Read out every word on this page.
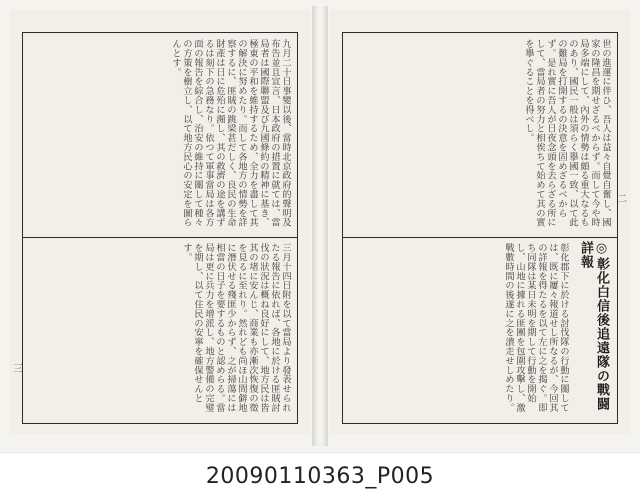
九月二十日事變以後、當時北京政府的聲明及布告並且宣言、日本政府の措置に就ては、當局者は國際聯盟及び九國條約の精神に基き、極東の平和を維持するため、全力を盡して其の解決に努めたり。而して各地方の情勢を詳察するに、匪賊の跳梁甚だしく、良民の生命財產は日に危殆に瀕し、其の救濟の途を講ずるは刻下の急務なり。依つて軍事當局は各方面の報告を綜合し、治安の維持に關して種々の方策を樹立し、以て地方民心の安定を圖らんとす。
三月十四日附を以て當局より發表せられたる報告に依れば、各地に於ける匪賊討伐の狀況は概ね良好にして、地方民は皆其の堵に安んじ、商業も亦漸次恢復の徵を見るに至れり。然れども尚ほ山間僻地に潛伏せる殘匪少からず、之が掃蕩には相當の日子を要するものと認めらる。當局は更に兵力を增派し、地方警備の完璧を期し、以て住民の安寧を確保せんとす。
三
世の進運に伴ひ、吾人は益々自覺自奮し、國家の隆昌を期せざるべからず。而して今や時局多端にして、內外の情勢は頗る重大なるものあり、國民一般は須らく擧國一致、以て此の難局を打開するの決意を固めざるべからず。是れ實に吾人が日夜念頭を去らざる所にして、當局者の努力と相俟ちて始めて其の實を擧ぐることを得べし。
◎彰化白信後追遠隊の戰闘詳報
彰化郡下に於ける討伐隊の行動に關しては、既に屢々報道せし所なるが、今回其の詳報を得たるを以て左に之を揭ぐ。即ち同隊は某日未明を期して行動を開始し、山地に據れる匪團を包圍攻擊し、激戰數時間の後遂に之を潰走せしめたり。
二
20090110363_P005
